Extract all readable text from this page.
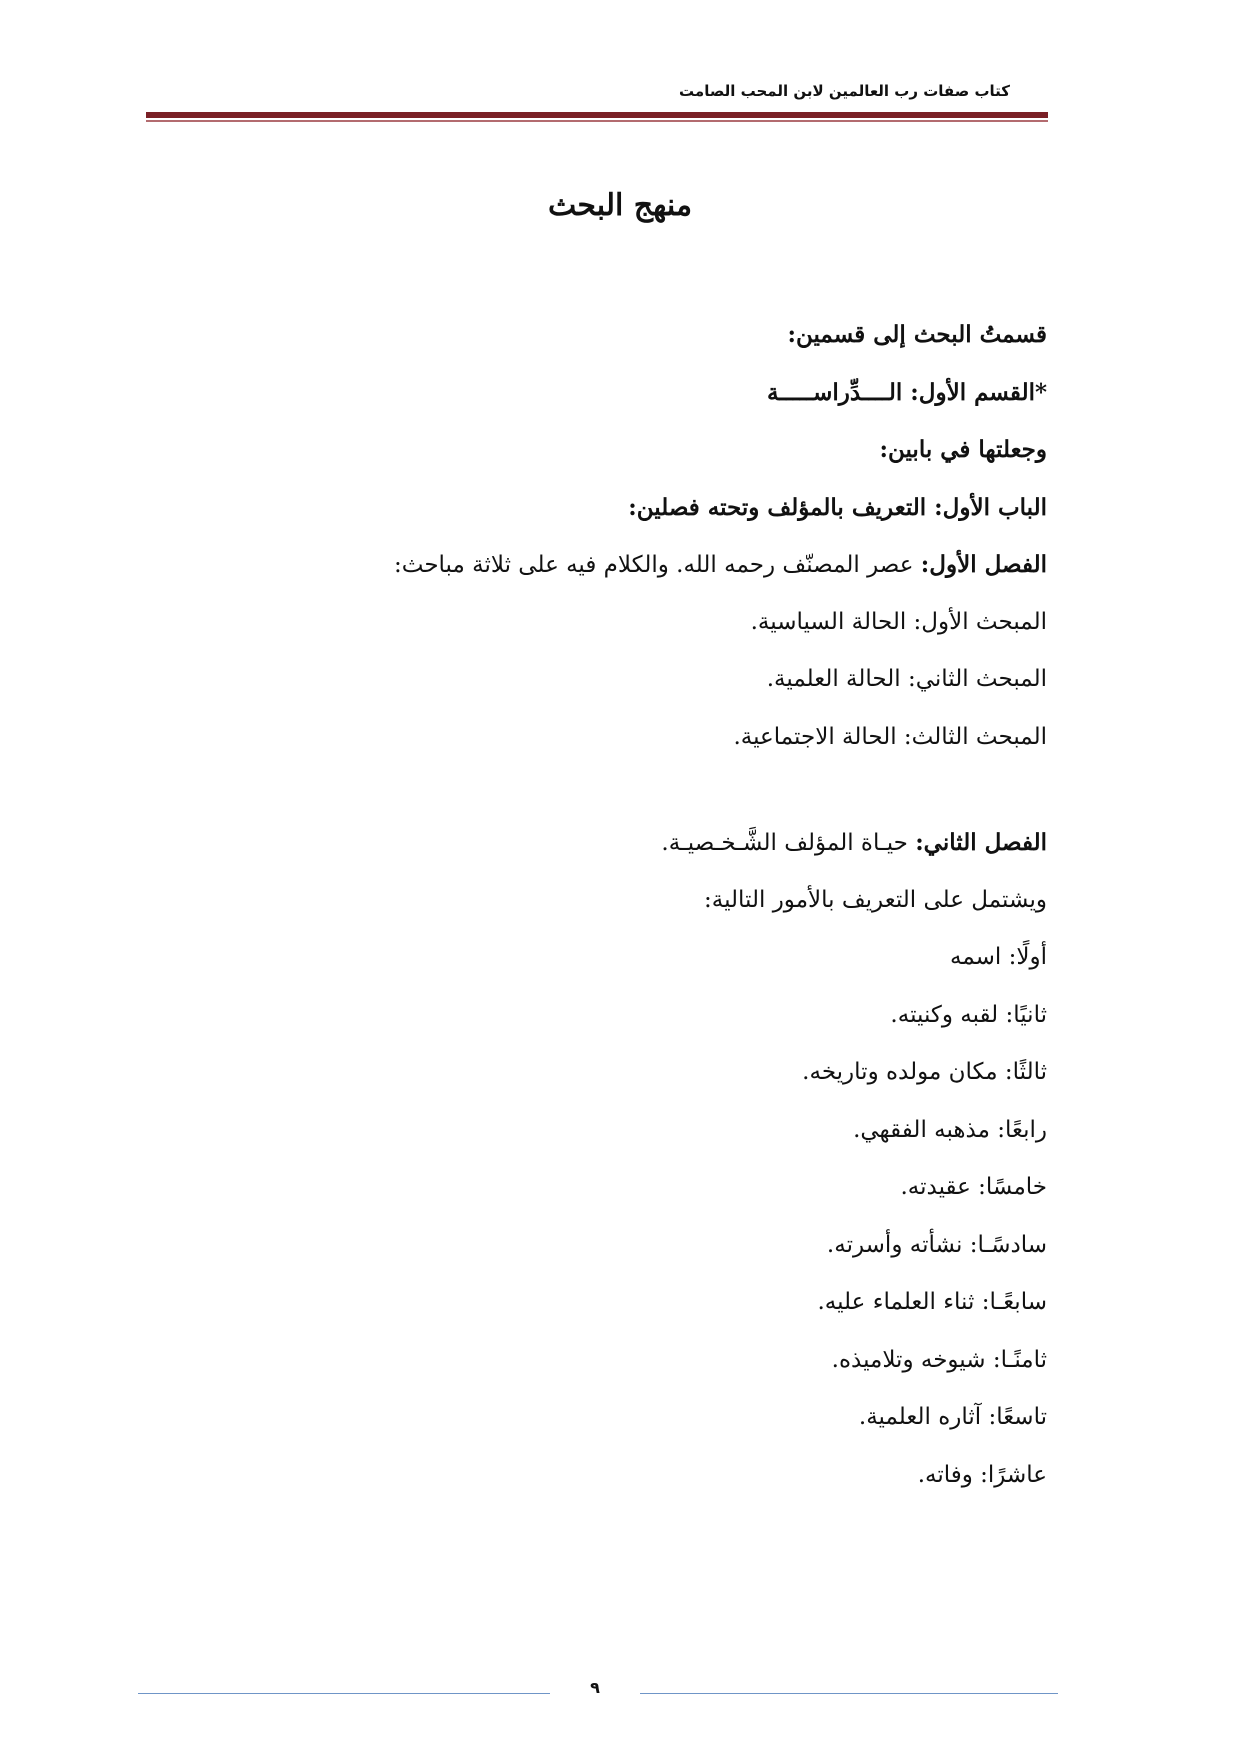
كتاب صفات رب العالمين لابن المحب الصامت
منهج البحث
قسمتُ البحث إلى قسمين:
*القسم الأول: الــــدِّراســـــة
وجعلتها في بابين:
الباب الأول: التعريف بالمؤلف وتحته فصلين:
الفصل الأول: عصر المصنّف رحمه الله. والكلام فيه على ثلاثة مباحث:
المبحث الأول: الحالة السياسية.
المبحث الثاني: الحالة العلمية.
المبحث الثالث: الحالة الاجتماعية.
الفصل الثاني: حيـاة المؤلف الشَّـخـصيـة.
ويشتمل على التعريف بالأمور التالية:
أولًا: اسمه
ثانيًا: لقبه وكنيته.
ثالثًا: مكان مولده وتاريخه.
رابعًا: مذهبه الفقهي.
خامسًا: عقيدته.
سادسًـا: نشأته وأسرته.
سابعًـا: ثناء العلماء عليه.
ثامنًـا: شيوخه وتلاميذه.
تاسعًا: آثاره العلمية.
عاشرًا: وفاته.
٩
